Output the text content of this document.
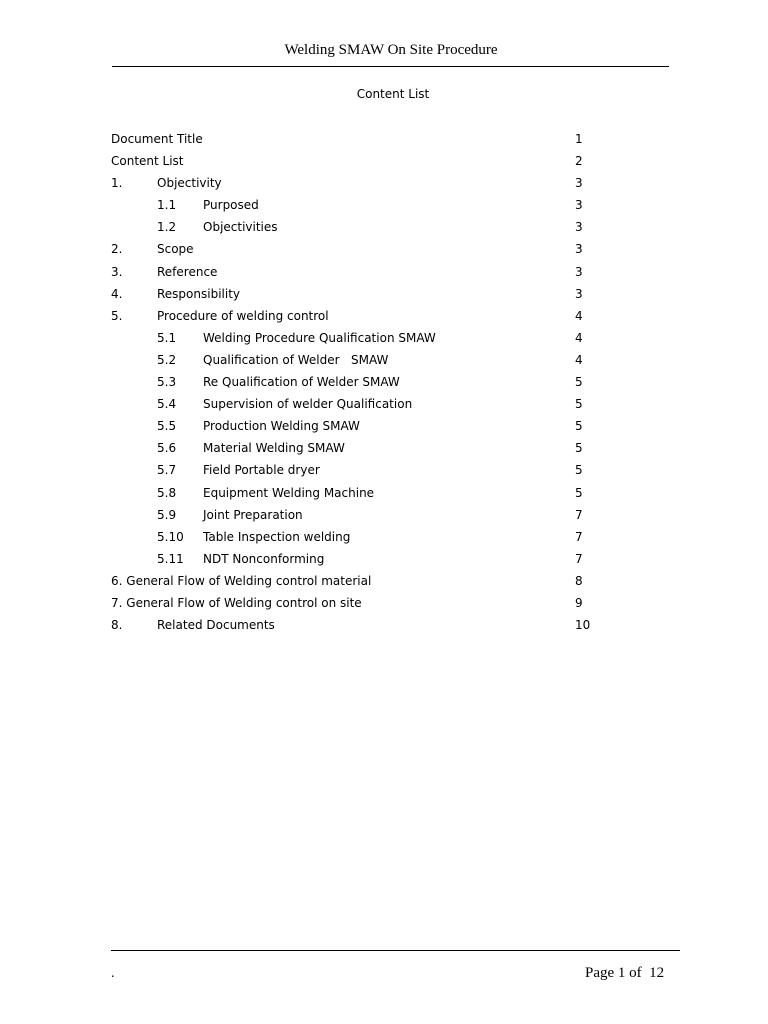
Welding SMAW On Site Procedure
Content List
Document Title	1
Content List	2
1.	Objectivity	3
1.1 Purposed	3
1.2 Objectivities	3
2.	Scope	3
3.	Reference	3
4.	Responsibility	3
5.	Procedure of welding control	4
5.1 Welding Procedure Qualification SMAW	4
5.2 Qualification of Welder   SMAW	4
5.3 Re Qualification of Welder SMAW	5
5.4 Supervision of welder Qualification	5
5.5 Production Welding SMAW	5
5.6 Material Welding SMAW	5
5.7 Field Portable dryer	5
5.8 Equipment Welding Machine	5
5.9 Joint Preparation	7
5.10 Table Inspection welding	7
5.11 NDT Nonconforming	7
6. General Flow of Welding control material	8
7. General Flow of Welding control on site	9
8.	Related Documents	10
.	Page 1 of  12
